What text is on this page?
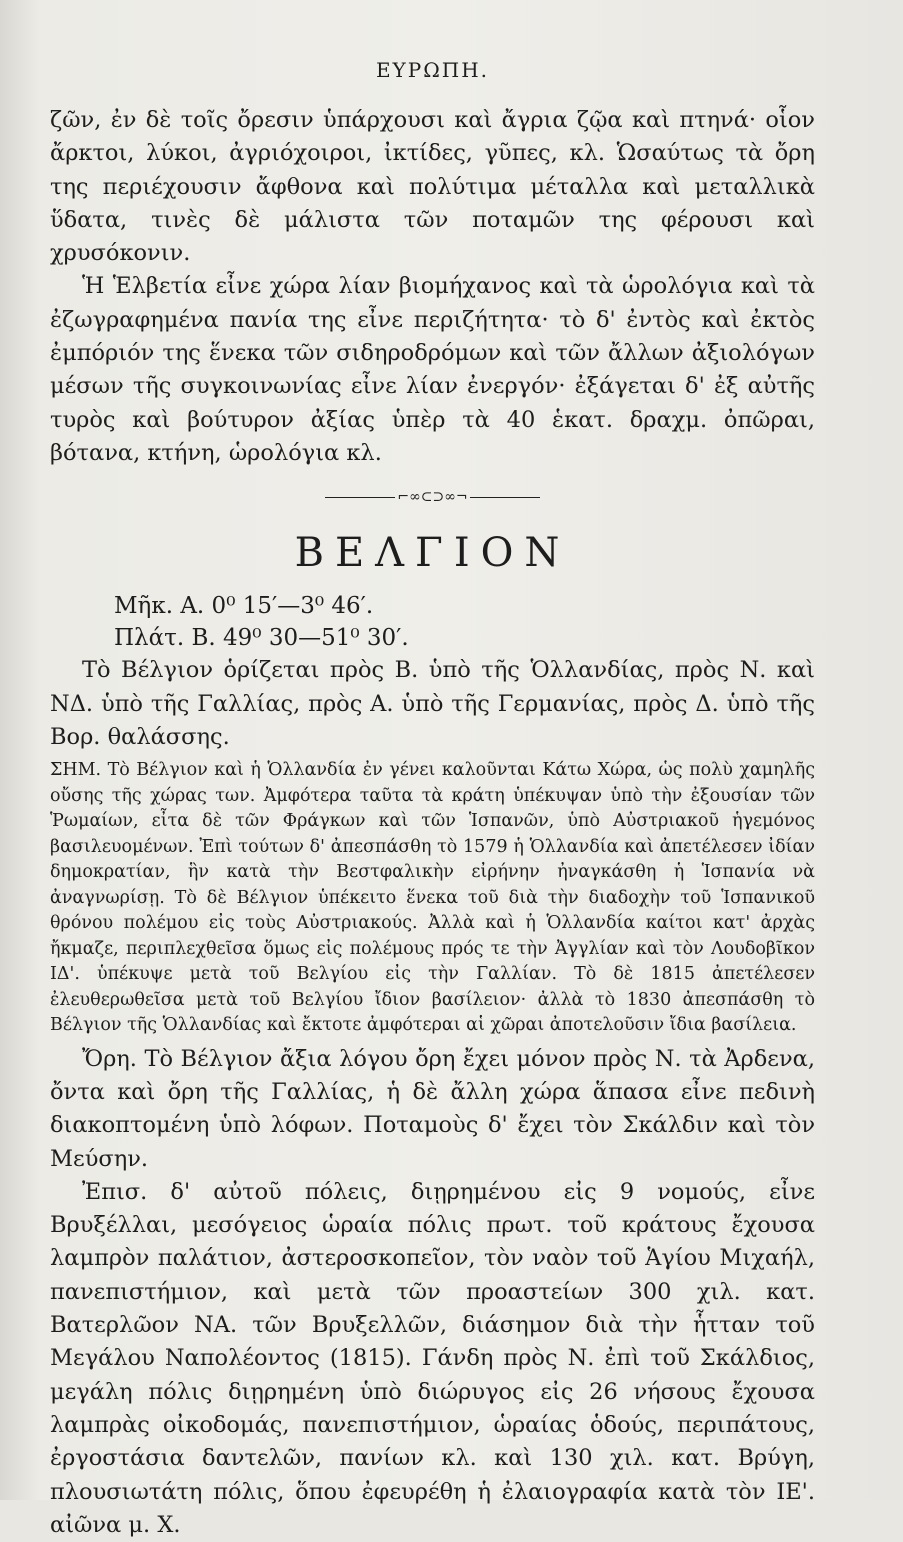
ΕΥΡΩΠΗ.

ζῶν, ἐν δὲ τοῖς ὄρεσιν ὑπάρχουσι καὶ ἄγρια ζῷα καὶ πτηνά· οἷον ἄρκτοι, λύκοι, ἀγριόχοιροι, ἰκτίδες, γῦπες, κλ. Ὡσαύτως τὰ ὄρη της περιέχουσιν ἄφθονα καὶ πολύτιμα μέταλλα καὶ μεταλλικὰ ὕδατα, τινὲς δὲ μάλιστα τῶν ποταμῶν της φέρουσι καὶ χρυσόκονιν.

Ἡ Ἑλβετία εἶνε χώρα λίαν βιομήχανος καὶ τὰ ὡρολόγια καὶ τὰ ἐζωγραφημένα πανία της εἶνε περιζήτητα· τὸ δ' ἐντὸς καὶ ἐκτὸς ἐμπόριόν της ἕνεκα τῶν σιδηροδρόμων καὶ τῶν ἄλλων ἀξιολόγων μέσων τῆς συγκοινωνίας εἶνε λίαν ἐνεργόν· ἐξάγεται δ' ἐξ αὐτῆς τυρὸς καὶ βούτυρον ἀξίας ὑπὲρ τὰ 40 ἑκατ. δραχμ. ὀπῶραι, βότανα, κτήνη, ὡρολόγια κλ.

⌐∞⊂⊃∞¬
ΒΕΛΓΙΟΝ
Μῆκ. Α. 0⁰ 15′—3⁰ 46′.
Πλάτ. Β. 49⁰ 30—51⁰ 30′.

Τὸ Βέλγιον ὁρίζεται πρὸς Β. ὑπὸ τῆς Ὁλλανδίας, πρὸς Ν. καὶ ΝΔ. ὑπὸ τῆς Γαλλίας, πρὸς Α. ὑπὸ τῆς Γερμανίας, πρὸς Δ. ὑπὸ τῆς Βορ. θαλάσσης.

ΣΗΜ. Τὸ Βέλγιον καὶ ἡ Ὁλλανδία ἐν γένει καλοῦνται Κάτω Χώρα, ὡς πολὺ χαμηλῆς οὔσης τῆς χώρας των. Ἀμφότερα ταῦτα τὰ κράτη ὑπέκυψαν ὑπὸ τὴν ἐξουσίαν τῶν Ῥωμαίων, εἶτα δὲ τῶν Φράγκων καὶ τῶν Ἱσπανῶν, ὑπὸ Αὐστριακοῦ ἡγεμόνος βασιλευομένων. Ἐπὶ τούτων δ' ἀπεσπάσθη τὸ 1579 ἡ Ὁλλανδία καὶ ἀπετέλεσεν ἰδίαν δημοκρατίαν, ἣν κατὰ τὴν Βεστφαλικὴν εἰρήνην ἠναγκάσθη ἡ Ἱσπανία νὰ ἀναγνωρίσῃ. Τὸ δὲ Βέλγιον ὑπέκειτο ἕνεκα τοῦ διὰ τὴν διαδοχὴν τοῦ Ἱσπανικοῦ θρόνου πολέμου εἰς τοὺς Αὐστριακούς. Ἀλλὰ καὶ ἡ Ὁλλανδία καίτοι κατ' ἀρχὰς ἤκμαζε, περιπλεχθεῖσα ὅμως εἰς πολέμους πρός τε τὴν Ἀγγλίαν καὶ τὸν Λουδοβῖκον ΙΔ'. ὑπέκυψε μετὰ τοῦ Βελγίου εἰς τὴν Γαλλίαν. Τὸ δὲ 1815 ἀπετέλεσεν ἐλευθερωθεῖσα μετὰ τοῦ Βελγίου ἴδιον βασίλειον· ἀλλὰ τὸ 1830 ἀπεσπάσθη τὸ Βέλγιον τῆς Ὁλλανδίας καὶ ἔκτοτε ἀμφότεραι αἱ χῶραι ἀποτελοῦσιν ἴδια βασίλεια.

Ὄρη. Τὸ Βέλγιον ἄξια λόγου ὄρη ἔχει μόνον πρὸς Ν. τὰ Ἀρδενα, ὄντα καὶ ὄρη τῆς Γαλλίας, ἡ δὲ ἄλλη χώρα ἅπασα εἶνε πεδινὴ διακοπτομένη ὑπὸ λόφων. Ποταμοὺς δ' ἔχει τὸν Σκάλδιν καὶ τὸν Μεύσην.

Ἐπισ. δ' αὐτοῦ πόλεις, διῃρημένου εἰς 9 νομούς, εἶνε Βρυξέλλαι, μεσόγειος ὡραία πόλις πρωτ. τοῦ κράτους ἔχουσα λαμπρὸν παλάτιον, ἀστεροσκοπεῖον, τὸν ναὸν τοῦ Ἁγίου Μιχαήλ, πανεπιστήμιον, καὶ μετὰ τῶν προαστείων 300 χιλ. κατ. Βατερλῶον ΝΑ. τῶν Βρυξελλῶν, διάσημον διὰ τὴν ἧτταν τοῦ Μεγάλου Ναπολέοντος (1815). Γάνδη πρὸς Ν. ἐπὶ τοῦ Σκάλδιος, μεγάλη πόλις διῃρημένη ὑπὸ διώρυγος εἰς 26 νήσους ἔχουσα λαμπρὰς οἰκοδομάς, πανεπιστήμιον, ὡραίας ὁδούς, περιπάτους, ἐργοστάσια δαντελῶν, πανίων κλ. καὶ 130 χιλ. κατ. Βρύγη, πλουσιωτάτη πόλις, ὅπου ἐφευρέθη ἡ ἐλαιογραφία κατὰ τὸν ΙΕ'. αἰῶνα μ. Χ.
